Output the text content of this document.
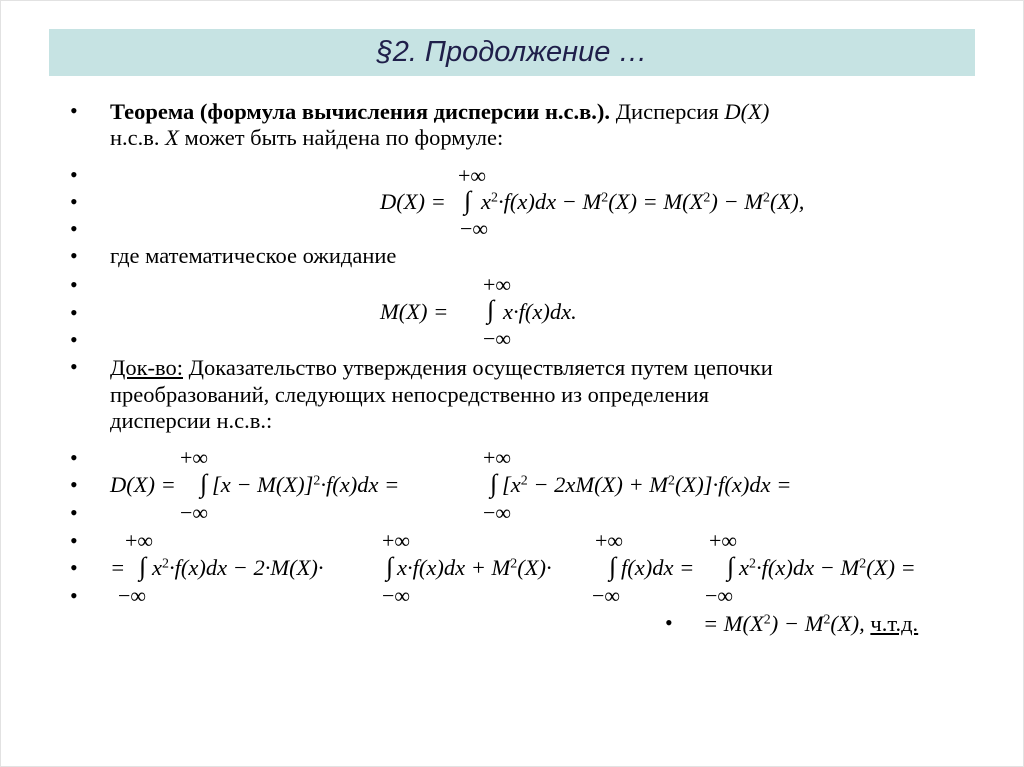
§2. Продолжение …
•
•
•
•
•
•
•
•
•
•
•
•
•
•
•
•
Теорема (формула вычисления дисперсии н.с.в.). Дисперсия D(X)
н.с.в. X может быть найдена по формуле:
+∞
∫
−∞
$D(X) = x^2\cdot f(x)dx - M^2(X) = M(X^2) - M^2(X)$,
где математическое ожидание
+∞
∫
−∞
M(X) = x·f(x)dx.
Док-во: Доказательство утверждения осуществляется путем цепочки
преобразований, следующих непосредственно из определения
дисперсии н.с.в.:
+∞	+∞
∫	∫
−∞	−∞
$D(X) = [x - M(X)]^2\cdot f(x)dx$ =	$[x^2 - 2xM(X) + M^2(X)]\cdot f(x)dx$ =
+∞	+∞	+∞	+∞
∫	∫	∫	∫
−∞	−∞	−∞	−∞
= $x^2\cdot f(x)dx - 2\cdot M(X)\cdot$	$x\cdot f(x)dx + M^2(X)\cdot$	$f(x)dx = x^2\cdot f(x)dx - M^2(X)$ =
= $M(X^2) - M^2(X)$, ч.т.д.
